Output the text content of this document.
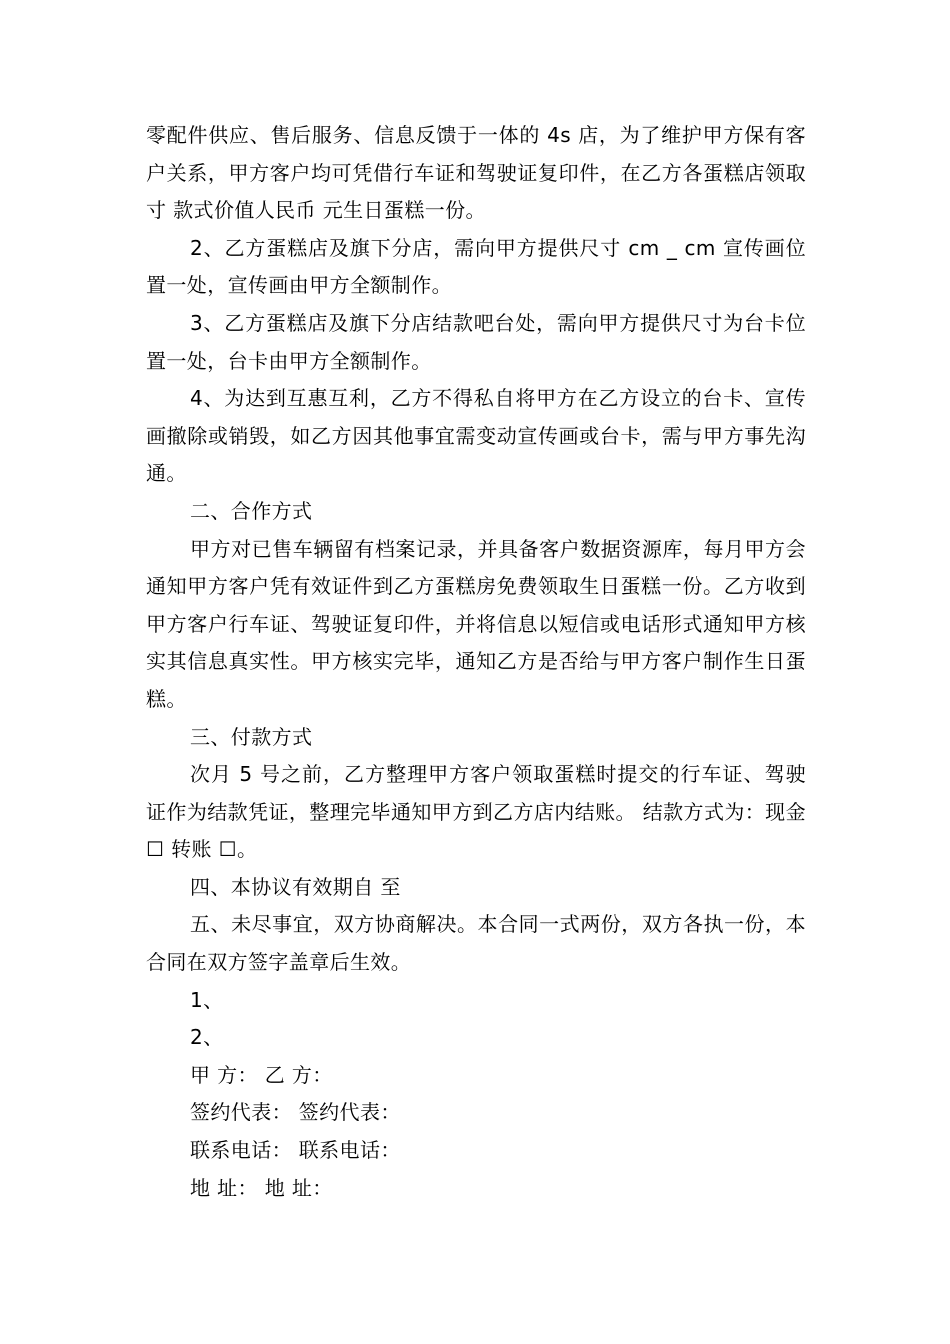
零配件供应、售后服务、信息反馈于一体的 4s 店，为了维护甲方保有客户关系，甲方客户均可凭借行车证和驾驶证复印件，在乙方各蛋糕店领取 寸 款式价值人民币 元生日蛋糕一份。

2、乙方蛋糕店及旗下分店，需向甲方提供尺寸 cm _ cm 宣传画位置一处，宣传画由甲方全额制作。

3、乙方蛋糕店及旗下分店结款吧台处，需向甲方提供尺寸为台卡位置一处，台卡由甲方全额制作。

4、为达到互惠互利，乙方不得私自将甲方在乙方设立的台卡、宣传画撤除或销毁，如乙方因其他事宜需变动宣传画或台卡，需与甲方事先沟通。

二、合作方式

甲方对已售车辆留有档案记录，并具备客户数据资源库，每月甲方会通知甲方客户凭有效证件到乙方蛋糕房免费领取生日蛋糕一份。乙方收到甲方客户行车证、驾驶证复印件，并将信息以短信或电话形式通知甲方核实其信息真实性。甲方核实完毕，通知乙方是否给与甲方客户制作生日蛋糕。

三、付款方式

次月 5 号之前，乙方整理甲方客户领取蛋糕时提交的行车证、驾驶证作为结款凭证，整理完毕通知甲方到乙方店内结账。 结款方式为：现金 ☐ 转账 ☐。

四、本协议有效期自 至

五、未尽事宜，双方协商解决。本合同一式两份，双方各执一份，本合同在双方签字盖章后生效。

1、

2、

甲 方： 乙 方：

签约代表： 签约代表：

联系电话： 联系电话：

地 址： 地 址：
